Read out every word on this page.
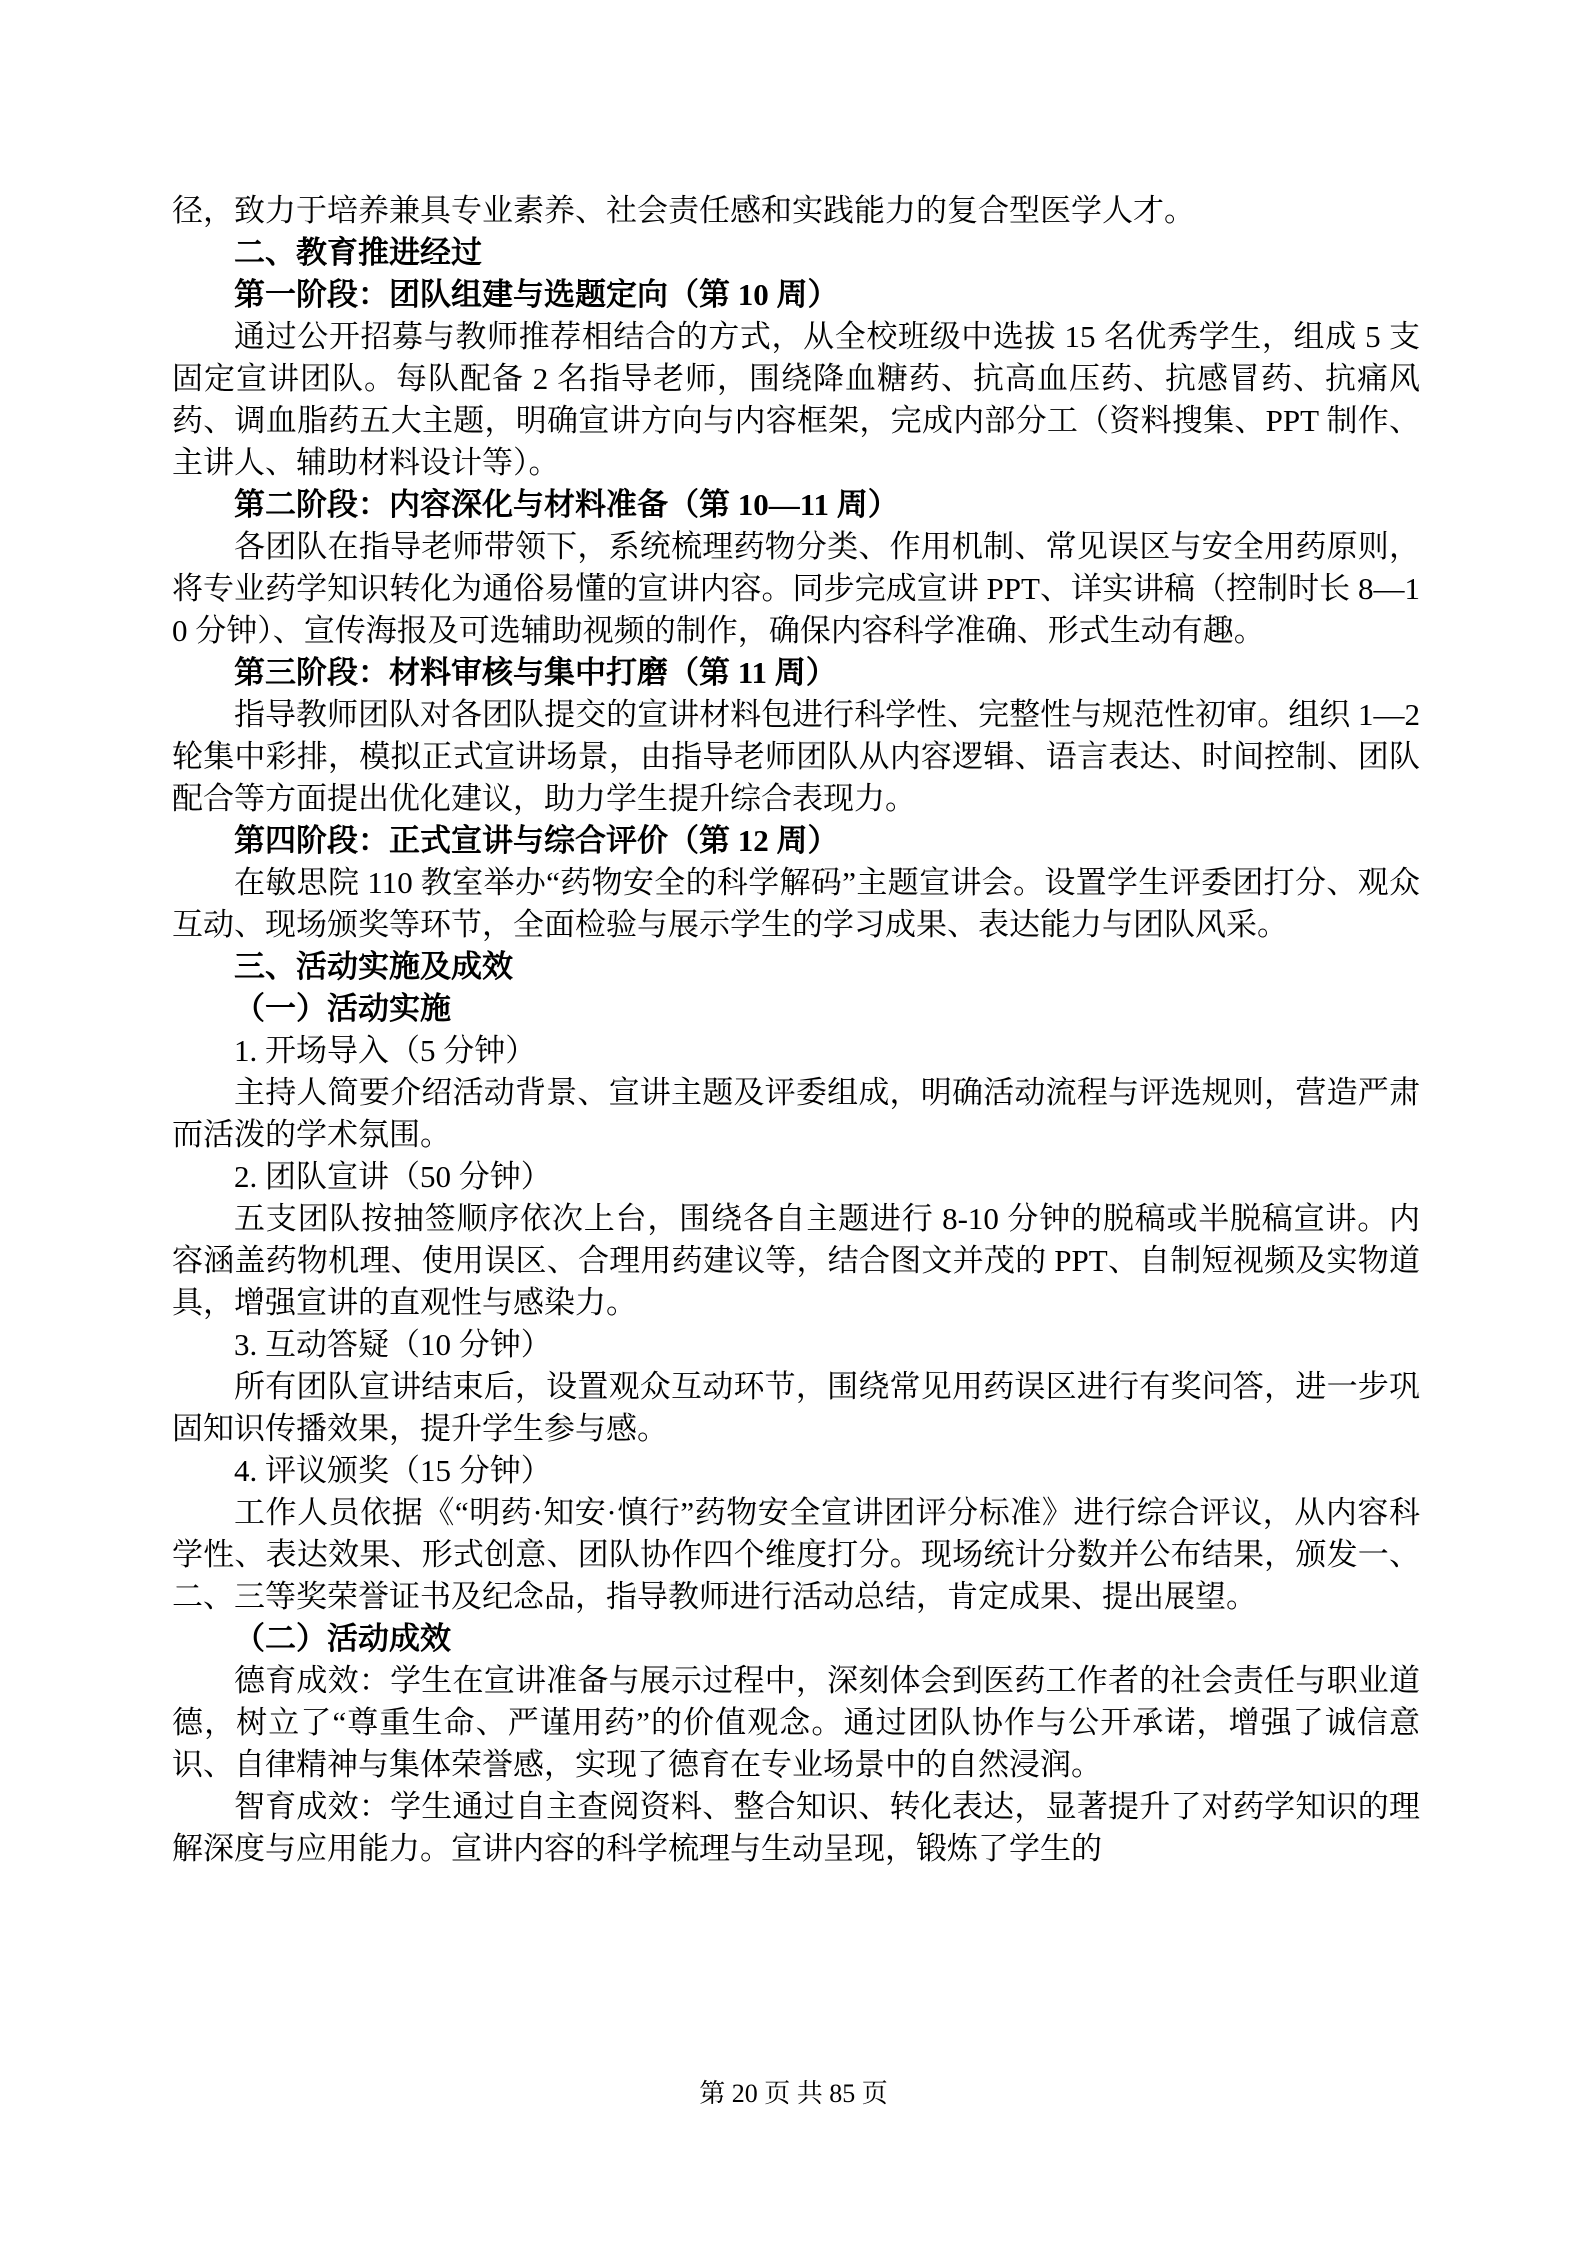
径，致力于培养兼具专业素养、社会责任感和实践能力的复合型医学人才。

二、教育推进经过

第一阶段：团队组建与选题定向（第 10 周）

通过公开招募与教师推荐相结合的方式，从全校班级中选拔 15 名优秀学生，组成 5 支固定宣讲团队。每队配备 2 名指导老师，围绕降血糖药、抗高血压药、抗感冒药、抗痛风药、调血脂药五大主题，明确宣讲方向与内容框架，完成内部分工（资料搜集、PPT 制作、主讲人、辅助材料设计等）。

第二阶段：内容深化与材料准备（第 10—11 周）

各团队在指导老师带领下，系统梳理药物分类、作用机制、常见误区与安全用药原则，将专业药学知识转化为通俗易懂的宣讲内容。同步完成宣讲 PPT、详实讲稿（控制时长 8—10 分钟）、宣传海报及可选辅助视频的制作，确保内容科学准确、形式生动有趣。

第三阶段：材料审核与集中打磨（第 11 周）

指导教师团队对各团队提交的宣讲材料包进行科学性、完整性与规范性初审。组织 1—2 轮集中彩排，模拟正式宣讲场景，由指导老师团队从内容逻辑、语言表达、时间控制、团队配合等方面提出优化建议，助力学生提升综合表现力。

第四阶段：正式宣讲与综合评价（第 12 周）

在敏思院 110 教室举办“药物安全的科学解码”主题宣讲会。设置学生评委团打分、观众互动、现场颁奖等环节，全面检验与展示学生的学习成果、表达能力与团队风采。

三、活动实施及成效

（一）活动实施

1. 开场导入（5 分钟）

主持人简要介绍活动背景、宣讲主题及评委组成，明确活动流程与评选规则，营造严肃而活泼的学术氛围。

2. 团队宣讲（50 分钟）

五支团队按抽签顺序依次上台，围绕各自主题进行 8-10 分钟的脱稿或半脱稿宣讲。内容涵盖药物机理、使用误区、合理用药建议等，结合图文并茂的 PPT、自制短视频及实物道具，增强宣讲的直观性与感染力。

3. 互动答疑（10 分钟）

所有团队宣讲结束后，设置观众互动环节，围绕常见用药误区进行有奖问答，进一步巩固知识传播效果，提升学生参与感。

4. 评议颁奖（15 分钟）

工作人员依据《“明药·知安·慎行”药物安全宣讲团评分标准》进行综合评议，从内容科学性、表达效果、形式创意、团队协作四个维度打分。现场统计分数并公布结果，颁发一、二、三等奖荣誉证书及纪念品，指导教师进行活动总结，肯定成果、提出展望。

（二）活动成效

德育成效：学生在宣讲准备与展示过程中，深刻体会到医药工作者的社会责任与职业道德，树立了“尊重生命、严谨用药”的价值观念。通过团队协作与公开承诺，增强了诚信意识、自律精神与集体荣誉感，实现了德育在专业场景中的自然浸润。

智育成效：学生通过自主查阅资料、整合知识、转化表达，显著提升了对药学知识的理解深度与应用能力。宣讲内容的科学梳理与生动呈现，锻炼了学生的

第 20 页 共 85 页
